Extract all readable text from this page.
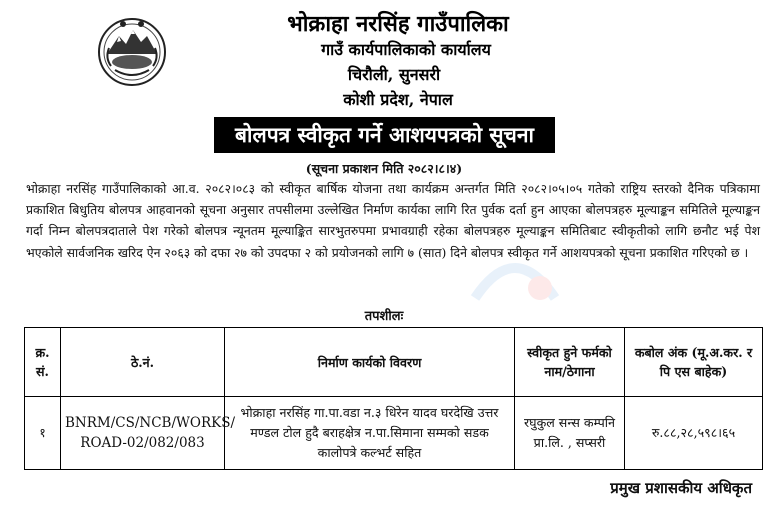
भोक्राहा नरसिंह गाउँपालिका
गाउँ कार्यपालिकाको कार्यालय
चिरौली, सुनसरी
कोशी प्रदेश, नेपाल
बोलपत्र स्वीकृत गर्ने आशयपत्रको सूचना
(सूचना प्रकाशन मिति २०८२।८।४)
भोक्राहा नरसिंह गाउँपालिकाको आ.व. २०८२।०८३ को स्वीकृत बार्षिक योजना तथा कार्यक्रम अन्तर्गत मिति २०८२।०५।०५ गतेको राष्ट्रिय स्तरको दैनिक पत्रिकामा प्रकाशित बिधुतिय बोलपत्र आहवानको सूचना अनुसार तपसीलमा उल्लेखित निर्माण कार्यका लागि रित पुर्वक दर्ता हुन आएका बोलपत्रहरु मूल्याङ्कन समितिले मूल्याङ्कन गर्दा निम्न बोलपत्रदाताले पेश गरेको बोलपत्र न्यूनतम मूल्याङ्कित सारभुतरुपमा प्रभावग्राही रहेका बोलपत्रहरु मूल्याङ्कन समितिबाट स्वीकृतीको लागि छनौट भई पेश भएकोले सार्वजनिक खरिद ऐन २०६३ को दफा २७ को उपदफा २ को प्रयोजनको लागि ७ (सात) दिने बोलपत्र स्वीकृत गर्ने आशयपत्रको सूचना प्रकाशित गरिएको छ ।
तपशीलः
क्र. सं.	ठे.नं.	निर्माण कार्यको विवरण	स्वीकृत हुने फर्मको नाम/ठेगाना	कबोल अंक (मू.अ.कर. र पि एस बाहेक)
१	BNRM/CS/NCB/WORKS/ ROAD-02/082/083	भोक्राहा नरसिंह गा.पा.वडा न.३ धिरेन यादव घरदेखि उत्तर मण्डल टोल हुदै बराहक्षेत्र न.पा.सिमाना सम्मको सडक कालोपत्रे कल्भर्ट सहित	रघुकुल सन्स कम्पनि प्रा.लि. , सप्सरी	रु.८८,२८,५९८।६५
प्रमुख प्रशासकीय अधिकृत
